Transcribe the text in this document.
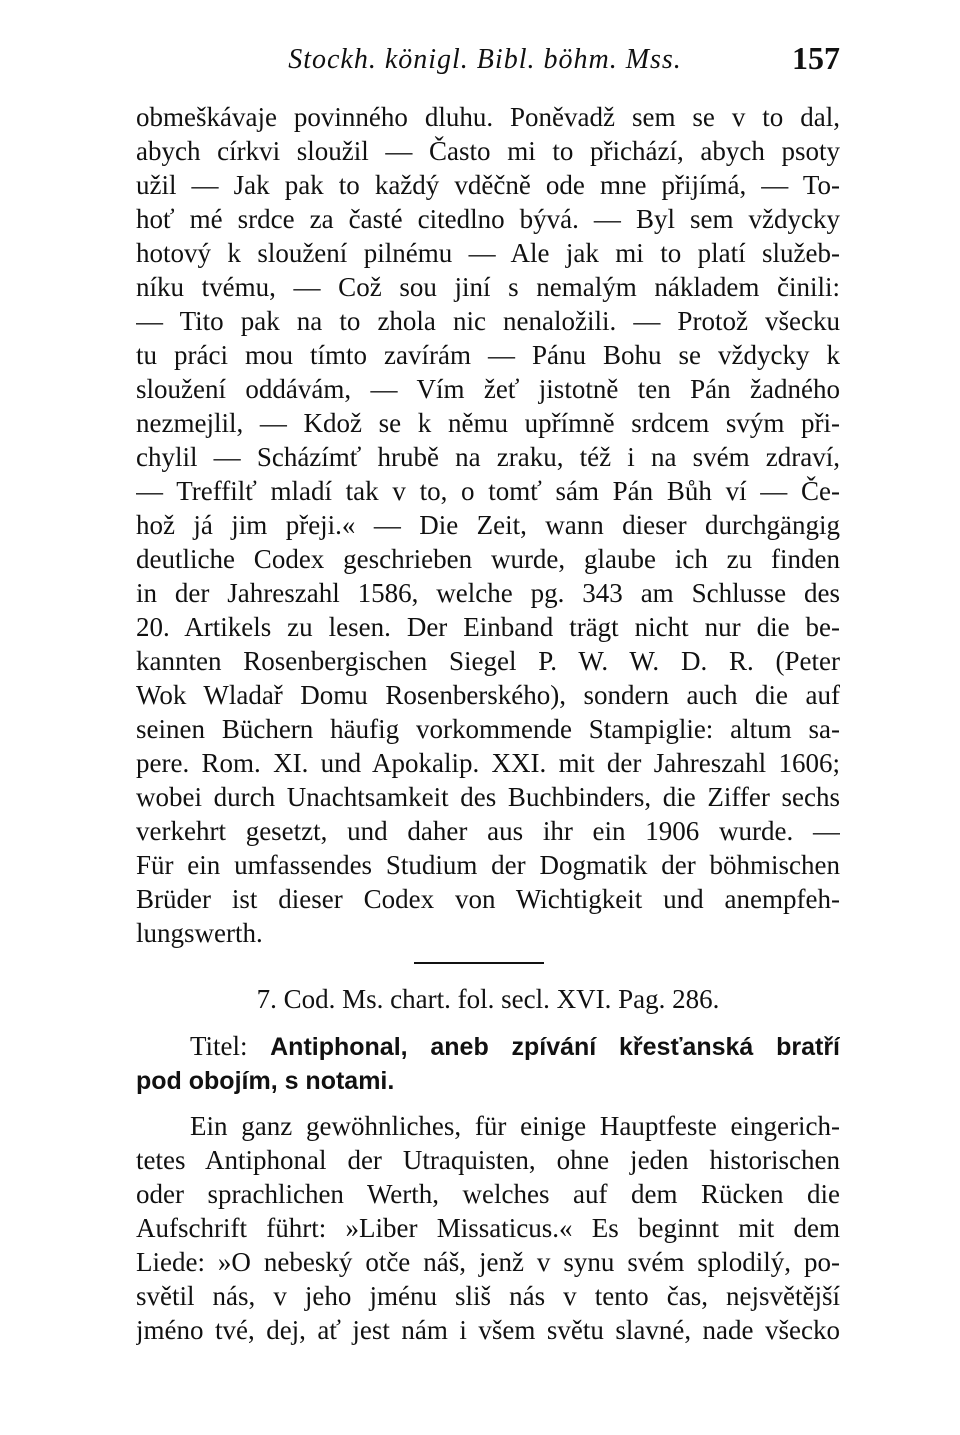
Stockh. königl. Bibl. böhm. Mss.	157
obmeškávaje povinného dluhu. Poněvadž sem se v to dal,
abych církvi sloužil — Často mi to přichází, abych psoty
užil — Jak pak to každý vděčně ode mne přijímá, — To-
hoť mé srdce za časté citedlno bývá. — Byl sem vždycky
hotový k sloužení pilnému — Ale jak mi to platí služeb-
níku tvému, — Což sou jiní s nemalým nákladem činili:
— Tito pak na to zhola nic nenaložili. — Protož všecku
tu práci mou tímto zavírám — Pánu Bohu se vždycky k
sloužení oddávám, — Vím žeť jistotně ten Pán žadného
nezmejlil, — Kdož se k němu upřímně srdcem svým při-
chylil — Scházímť hrubě na zraku, též i na svém zdraví,
— Treffilť mladí tak v to, o tomť sám Pán Bůh ví — Če-
hož já jim přeji.« — Die Zeit, wann dieser durchgängig
deutliche Codex geschrieben wurde, glaube ich zu finden
in der Jahreszahl 1586, welche pg. 343 am Schlusse des
20. Artikels zu lesen. Der Einband trägt nicht nur die be-
kannten Rosenbergischen Siegel P. W. W. D. R. (Peter
Wok Wladař Domu Rosenberského), sondern auch die auf
seinen Büchern häufig vorkommende Stampiglie: altum sa-
pere. Rom. XI. und Apokalip. XXI. mit der Jahreszahl 1606;
wobei durch Unachtsamkeit des Buchbinders, die Ziffer sechs
verkehrt gesetzt, und daher aus ihr ein 1906 wurde. —
Für ein umfassendes Studium der Dogmatik der böhmischen
Brüder ist dieser Codex von Wichtigkeit und anempfeh-
lungswerth.
7. Cod. Ms. chart. fol. secl. XVI. Pag. 286.
Titel: Antiphonal, aneb zpívání křesťanská bratří
pod obojím, s notami.
Ein ganz gewöhnliches, für einige Hauptfeste eingerich-
tetes Antiphonal der Utraquisten, ohne jeden historischen
oder sprachlichen Werth, welches auf dem Rücken die
Aufschrift führt: »Liber Missaticus.« Es beginnt mit dem
Liede: »O nebeský otče náš, jenž v synu svém splodilý, po-
světil nás, v jeho jménu sliš nás v tento čas, nejsvětější
jméno tvé, dej, ať jest nám i všem světu slavné, nade všecko
